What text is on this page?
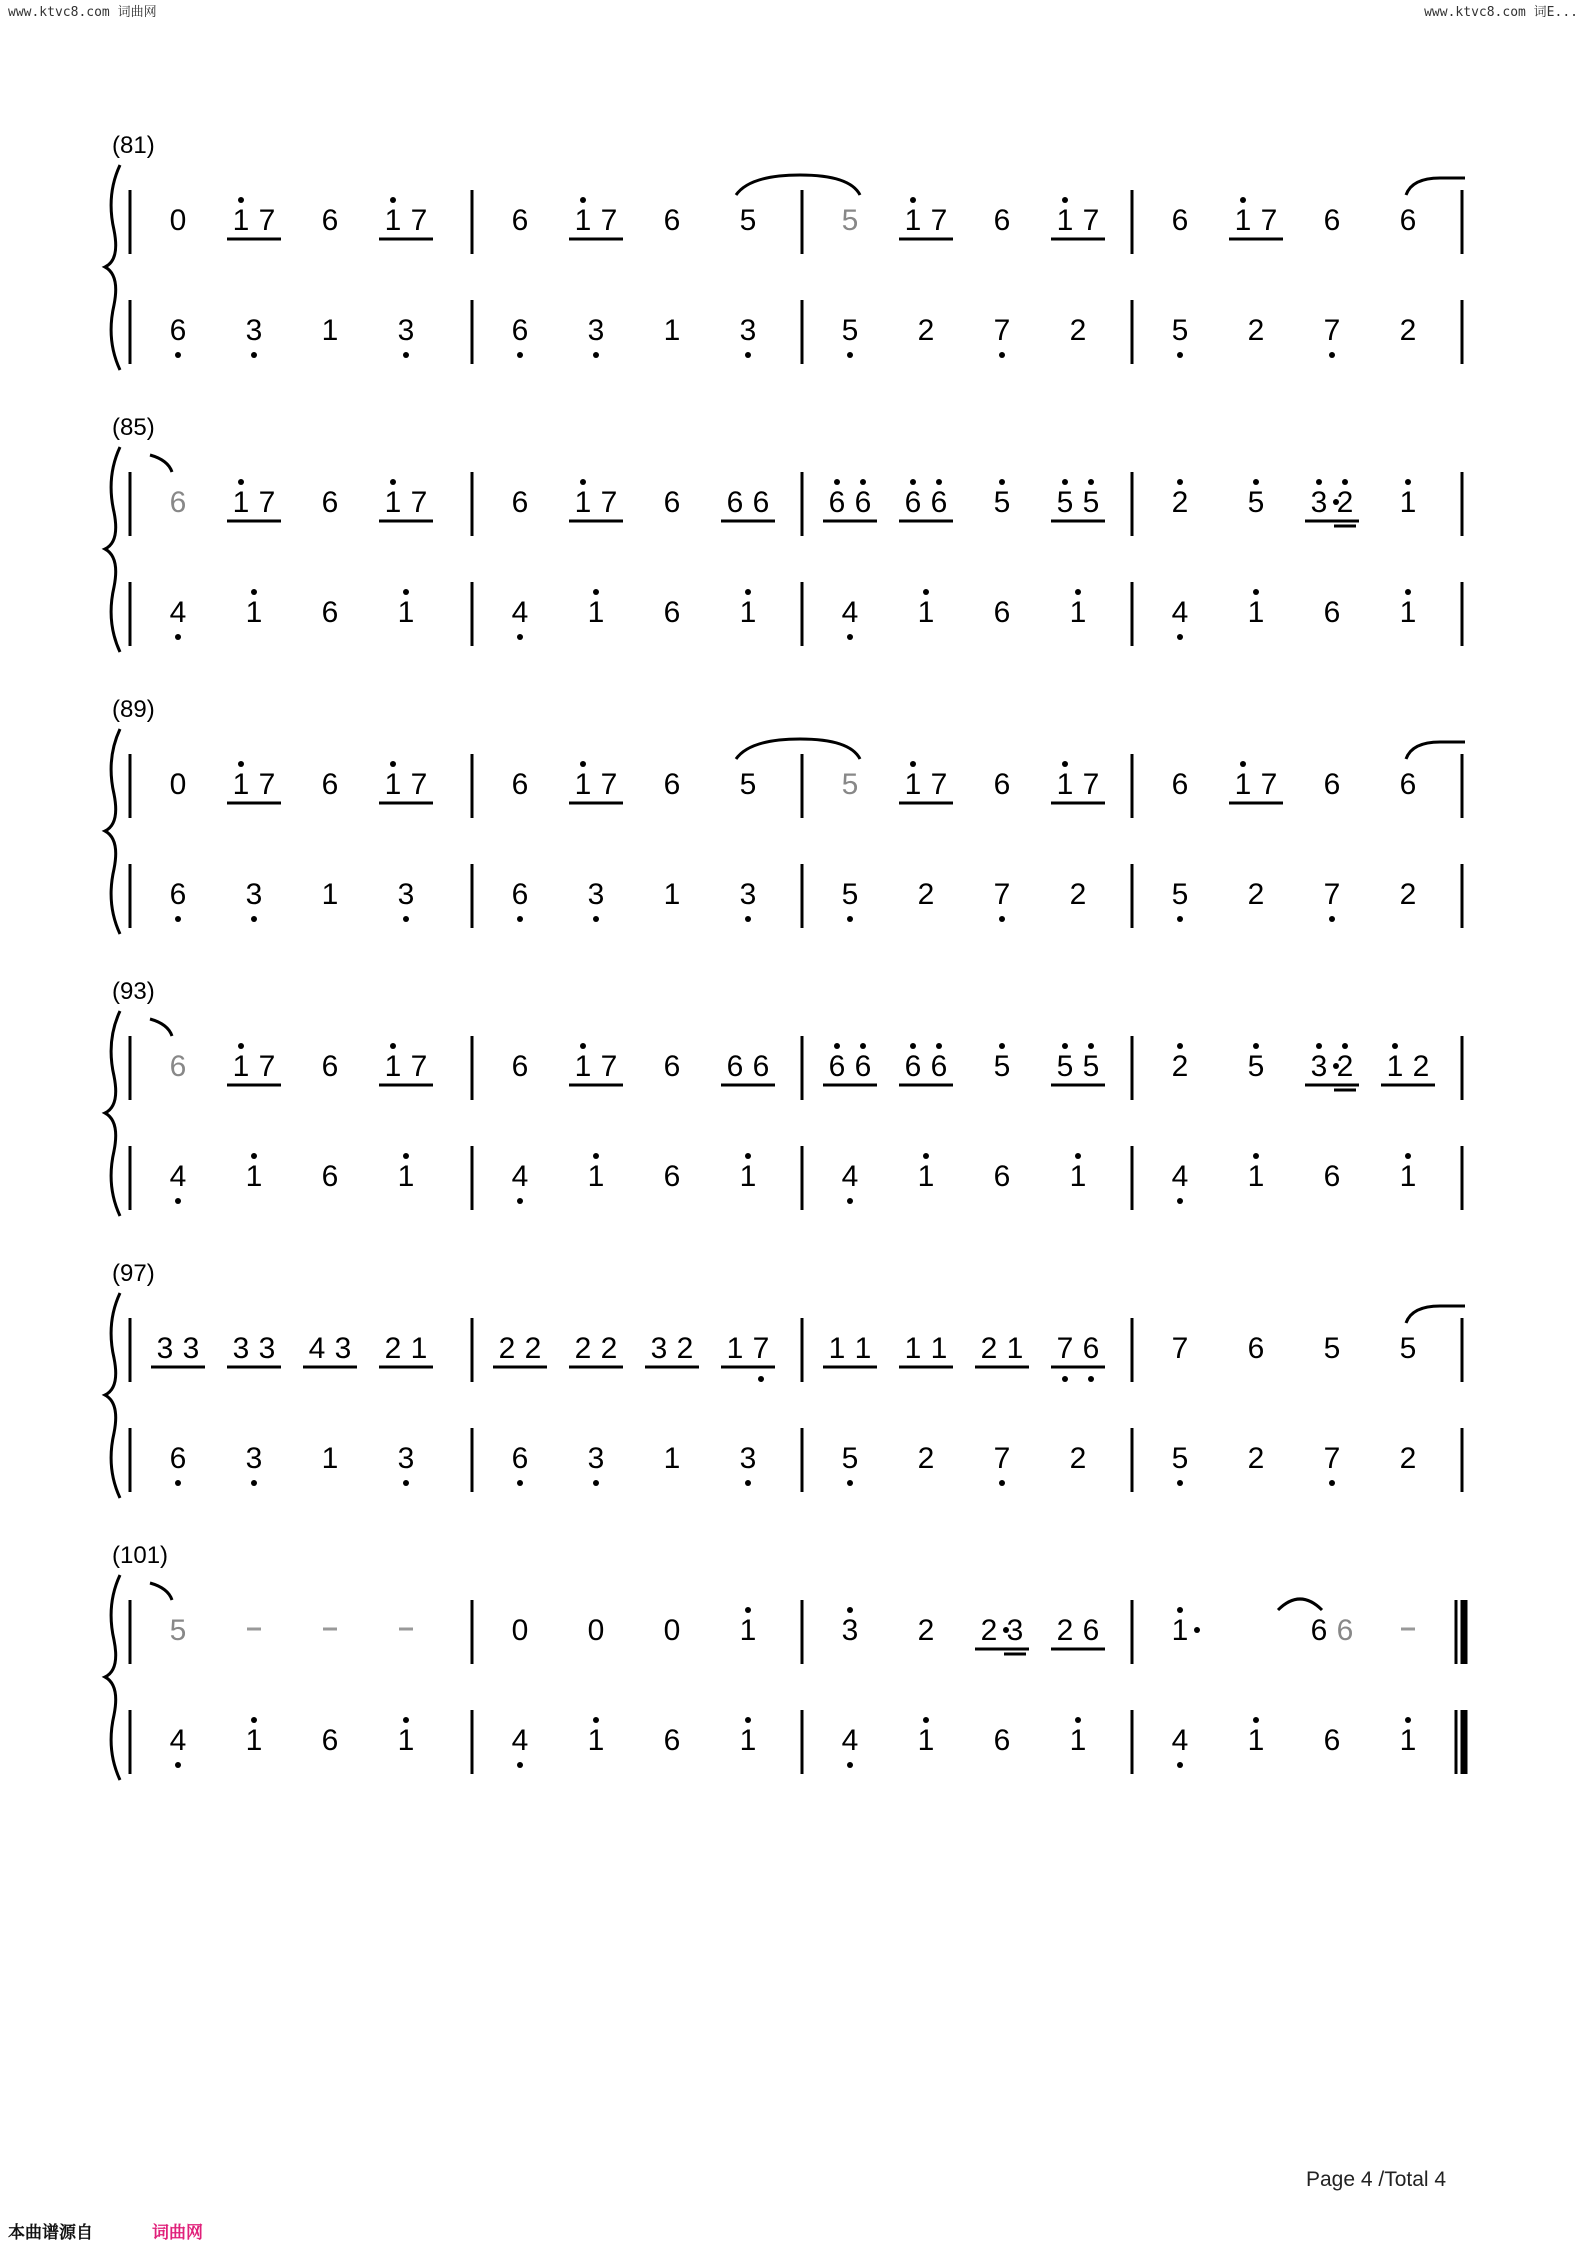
www.ktvc8.com 词曲网	www.ktvc8.com 词E...
(81)
0
6
1 7
3
6
1
1 7
3
6
6
1 7
3
6
1
5
3
5
5
1 7
2
6
7
1 7
2
6
5
1 7
2
6
7
6
2
(85)
6
4
1 7
1
6
6
1 7
1
6
4
1 7
1
6
6
6 6
1
6 6
4
6 6
1
5
6
5 5
1
2
4
5
1
3 2
6
1
1
(89)
0
6
1 7
3
6
1
1 7
3
6
6
1 7
3
6
1
5
3
5
5
1 7
2
6
7
1 7
2
6
5
1 7
2
6
7
6
2
(93)
6
4
1 7
1
6
6
1 7
1
6
4
1 7
1
6
6
6 6
1
6 6
4
6 6
1
5
6
5 5
1
2
4
5
1
3 2
6
1 2
1
(97)
3 3
6
3 3
3
4 3
1
2 1
3
2 2
6
2 2
3
3 2
1
1 7
3
1 1
5
1 1
2
2 1
7
7 6
2
7
5
6
2
5
7
5
2
(101)
5
4 1 6 1
0
4
0
1
0
6
1
1
3
4
2
1
2 3
6
2 6
1
1
4 1
6 6
6 1
Page 4 /Total 4
本曲谱源自	词曲网
